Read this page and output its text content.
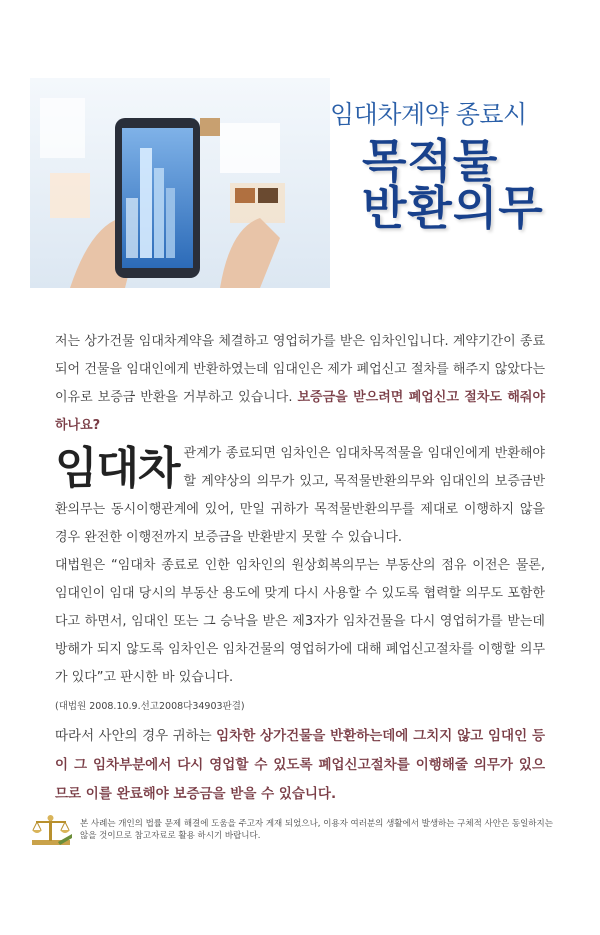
임대차계약 종료시
목적물
반환의무
저는 상가건물 임대차계약을 체결하고 영업허가를 받은 임차인입니다. 계약기간이 종료되어 건물을 임대인에게 반환하였는데 임대인은 제가 폐업신고 절차를 해주지 않았다는 이유로 보증금 반환을 거부하고 있습니다. 보증금을 받으려면 폐업신고 절차도 해줘야 하나요?
임대차 관계가 종료되면 임차인은 임대차목적물을 임대인에게 반환해야 할 계약상의 의무가 있고, 목적물반환의무와 임대인의 보증금반환의무는 동시이행관계에 있어, 만일 귀하가 목적물반환의무를 제대로 이행하지 않을 경우 완전한 이행전까지 보증금을 반환받지 못할 수 있습니다.

대법원은 “임대차 종료로 인한 임차인의 원상회복의무는 부동산의 점유 이전은 물론, 임대인이 임대 당시의 부동산 용도에 맞게 다시 사용할 수 있도록 협력할 의무도 포함한다고 하면서, 임대인 또는 그 승낙을 받은 제3자가 임차건물을 다시 영업허가를 받는데 방해가 되지 않도록 임차인은 임차건물의 영업허가에 대해 폐업신고절차를 이행할 의무가 있다”고 판시한 바 있습니다.

(대법원 2008.10.9.선고2008다34903판결)

따라서 사안의 경우 귀하는 임차한 상가건물을 반환하는데에 그치지 않고 임대인 등이 그 임차부분에서 다시 영업할 수 있도록 폐업신고절차를 이행해줄 의무가 있으므로 이를 완료해야 보증금을 받을 수 있습니다.

본 사례는 개인의 법률 문제 해결에 도움을 주고자 게재 되었으나, 이용자 여러분의 생활에서 발생하는 구체적 사안은 동일하지는 않을 것이므로 참고자료로 활용 하시기 바랍니다.
